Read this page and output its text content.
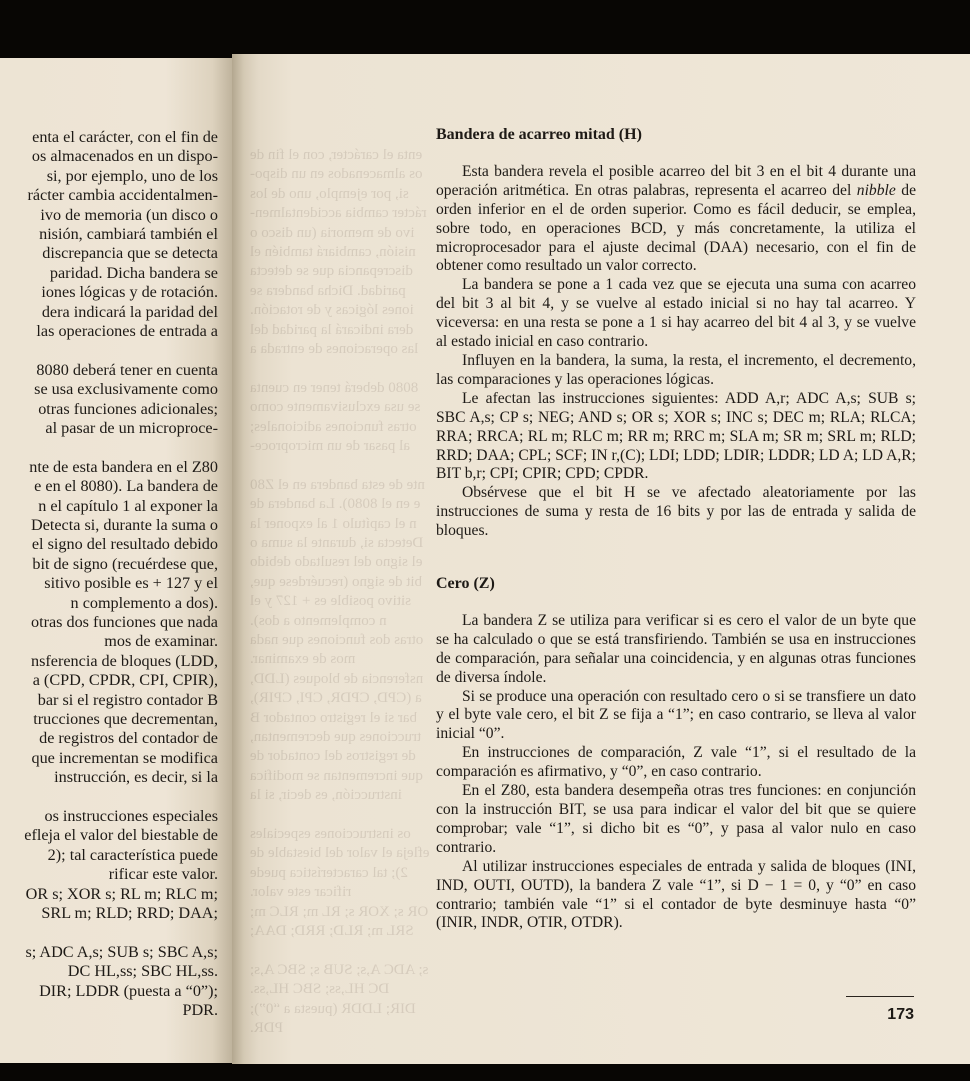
enta el carácter, con el fin de
os almacenados en un dispo-
si, por ejemplo, uno de los
rácter cambia accidentalmen-
ivo de memoria (un disco o
nisión, cambiará también el
discrepancia que se detecta
paridad. Dicha bandera se
iones lógicas y de rotación.
dera indicará la paridad del
las operaciones de entrada a
8080 deberá tener en cuenta
se usa exclusivamente como
otras funciones adicionales;
al pasar de un microproce-
nte de esta bandera en el Z80
e en el 8080). La bandera de
n el capítulo 1 al exponer la
Detecta si, durante la suma o
el signo del resultado debido
bit de signo (recuérdese que,
sitivo posible es + 127 y el
n complemento a dos).
otras dos funciones que nada
mos de examinar.
nsferencia de bloques (LDD,
a (CPD, CPDR, CPI, CPIR),
bar si el registro contador B
trucciones que decrementan,
de registros del contador de
que incrementan se modifica
instrucción, es decir, si la
os instrucciones especiales
efleja el valor del biestable de
2); tal característica puede
rificar este valor.
OR s; XOR s; RL m; RLC m;
SRL m; RLD; RRD; DAA;
s; ADC A,s; SUB s; SBC A,s;
DC HL,ss; SBC HL,ss.
DIR; LDDR (puesta a “0”);
PDR.
enta el carácter, con el fin de
os almacenados en un dispo-
si, por ejemplo, uno de los
rácter cambia accidentalmen-
ivo de memoria (un disco o
nisión, cambiará también el
discrepancia que se detecta
paridad. Dicha bandera se
iones lógicas y de rotación.
dera indicará la paridad del
las operaciones de entrada a
8080 deberá tener en cuenta
se usa exclusivamente como
otras funciones adicionales;
al pasar de un microproce-
nte de esta bandera en el Z80
e en el 8080). La bandera de
n el capítulo 1 al exponer la
Detecta si, durante la suma o
el signo del resultado debido
bit de signo (recuérdese que,
sitivo posible es + 127 y el
n complemento a dos).
otras dos funciones que nada
mos de examinar.
nsferencia de bloques (LDD,
a (CPD, CPDR, CPI, CPIR),
bar si el registro contador B
trucciones que decrementan,
de registros del contador de
que incrementan se modifica
instrucción, es decir, si la
os instrucciones especiales
efleja el valor del biestable de
2); tal característica puede
rificar este valor.
OR s; XOR s; RL m; RLC m;
SRL m; RLD; RRD; DAA;
s; ADC A,s; SUB s; SBC A,s;
DC HL,ss; SBC HL,ss.
DIR; LDDR (puesta a “0”);
PDR.
Bandera de acarreo mitad (H)

Esta bandera revela el posible acarreo del bit 3 en el bit 4 durante una operación aritmética. En otras palabras, representa el acarreo del nibble de orden inferior en el de orden superior. Como es fácil deducir, se emplea, sobre todo, en operaciones BCD, y más concretamente, la utiliza el microprocesador para el ajuste decimal (DAA) necesario, con el fin de obtener como resultado un valor correcto.

La bandera se pone a 1 cada vez que se ejecuta una suma con acarreo del bit 3 al bit 4, y se vuelve al estado inicial si no hay tal acarreo. Y viceversa: en una resta se pone a 1 si hay acarreo del bit 4 al 3, y se vuelve al estado inicial en caso contrario.

Influyen en la bandera, la suma, la resta, el incremento, el decremento, las comparaciones y las operaciones lógicas.

Le afectan las instrucciones siguientes: ADD A,r; ADC A,s; SUB s; SBC A,s; CP s; NEG; AND s; OR s; XOR s; INC s; DEC m; RLA; RLCA; RRA; RRCA; RL m; RLC m; RR m; RRC m; SLA m; SR m; SRL m; RLD; RRD; DAA; CPL; SCF; IN r,(C); LDI; LDD; LDIR; LDDR; LD A; LD A,R; BIT b,r; CPI; CPIR; CPD; CPDR.

Obsérvese que el bit H se ve afectado aleatoriamente por las instrucciones de suma y resta de 16 bits y por las de entrada y salida de bloques.

Cero (Z)

La bandera Z se utiliza para verificar si es cero el valor de un byte que se ha calculado o que se está transfiriendo. También se usa en instrucciones de comparación, para señalar una coincidencia, y en algunas otras funciones de diversa índole.

Si se produce una operación con resultado cero o si se transfiere un dato y el byte vale cero, el bit Z se fija a “1”; en caso contrario, se lleva al valor inicial “0”.

En instrucciones de comparación, Z vale “1”, si el resultado de la comparación es afirmativo, y “0”, en caso contrario.

En el Z80, esta bandera desempeña otras tres funciones: en conjunción con la instrucción BIT, se usa para indicar el valor del bit que se quiere comprobar; vale “1”, si dicho bit es “0”, y pasa al valor nulo en caso contrario.

Al utilizar instrucciones especiales de entrada y salida de bloques (INI, IND, OUTI, OUTD), la bandera Z vale “1”, si D − 1 = 0, y “0” en caso contrario; también vale “1” si el contador de byte desminuye hasta “0” (INIR, INDR, OTIR, OTDR).

173
